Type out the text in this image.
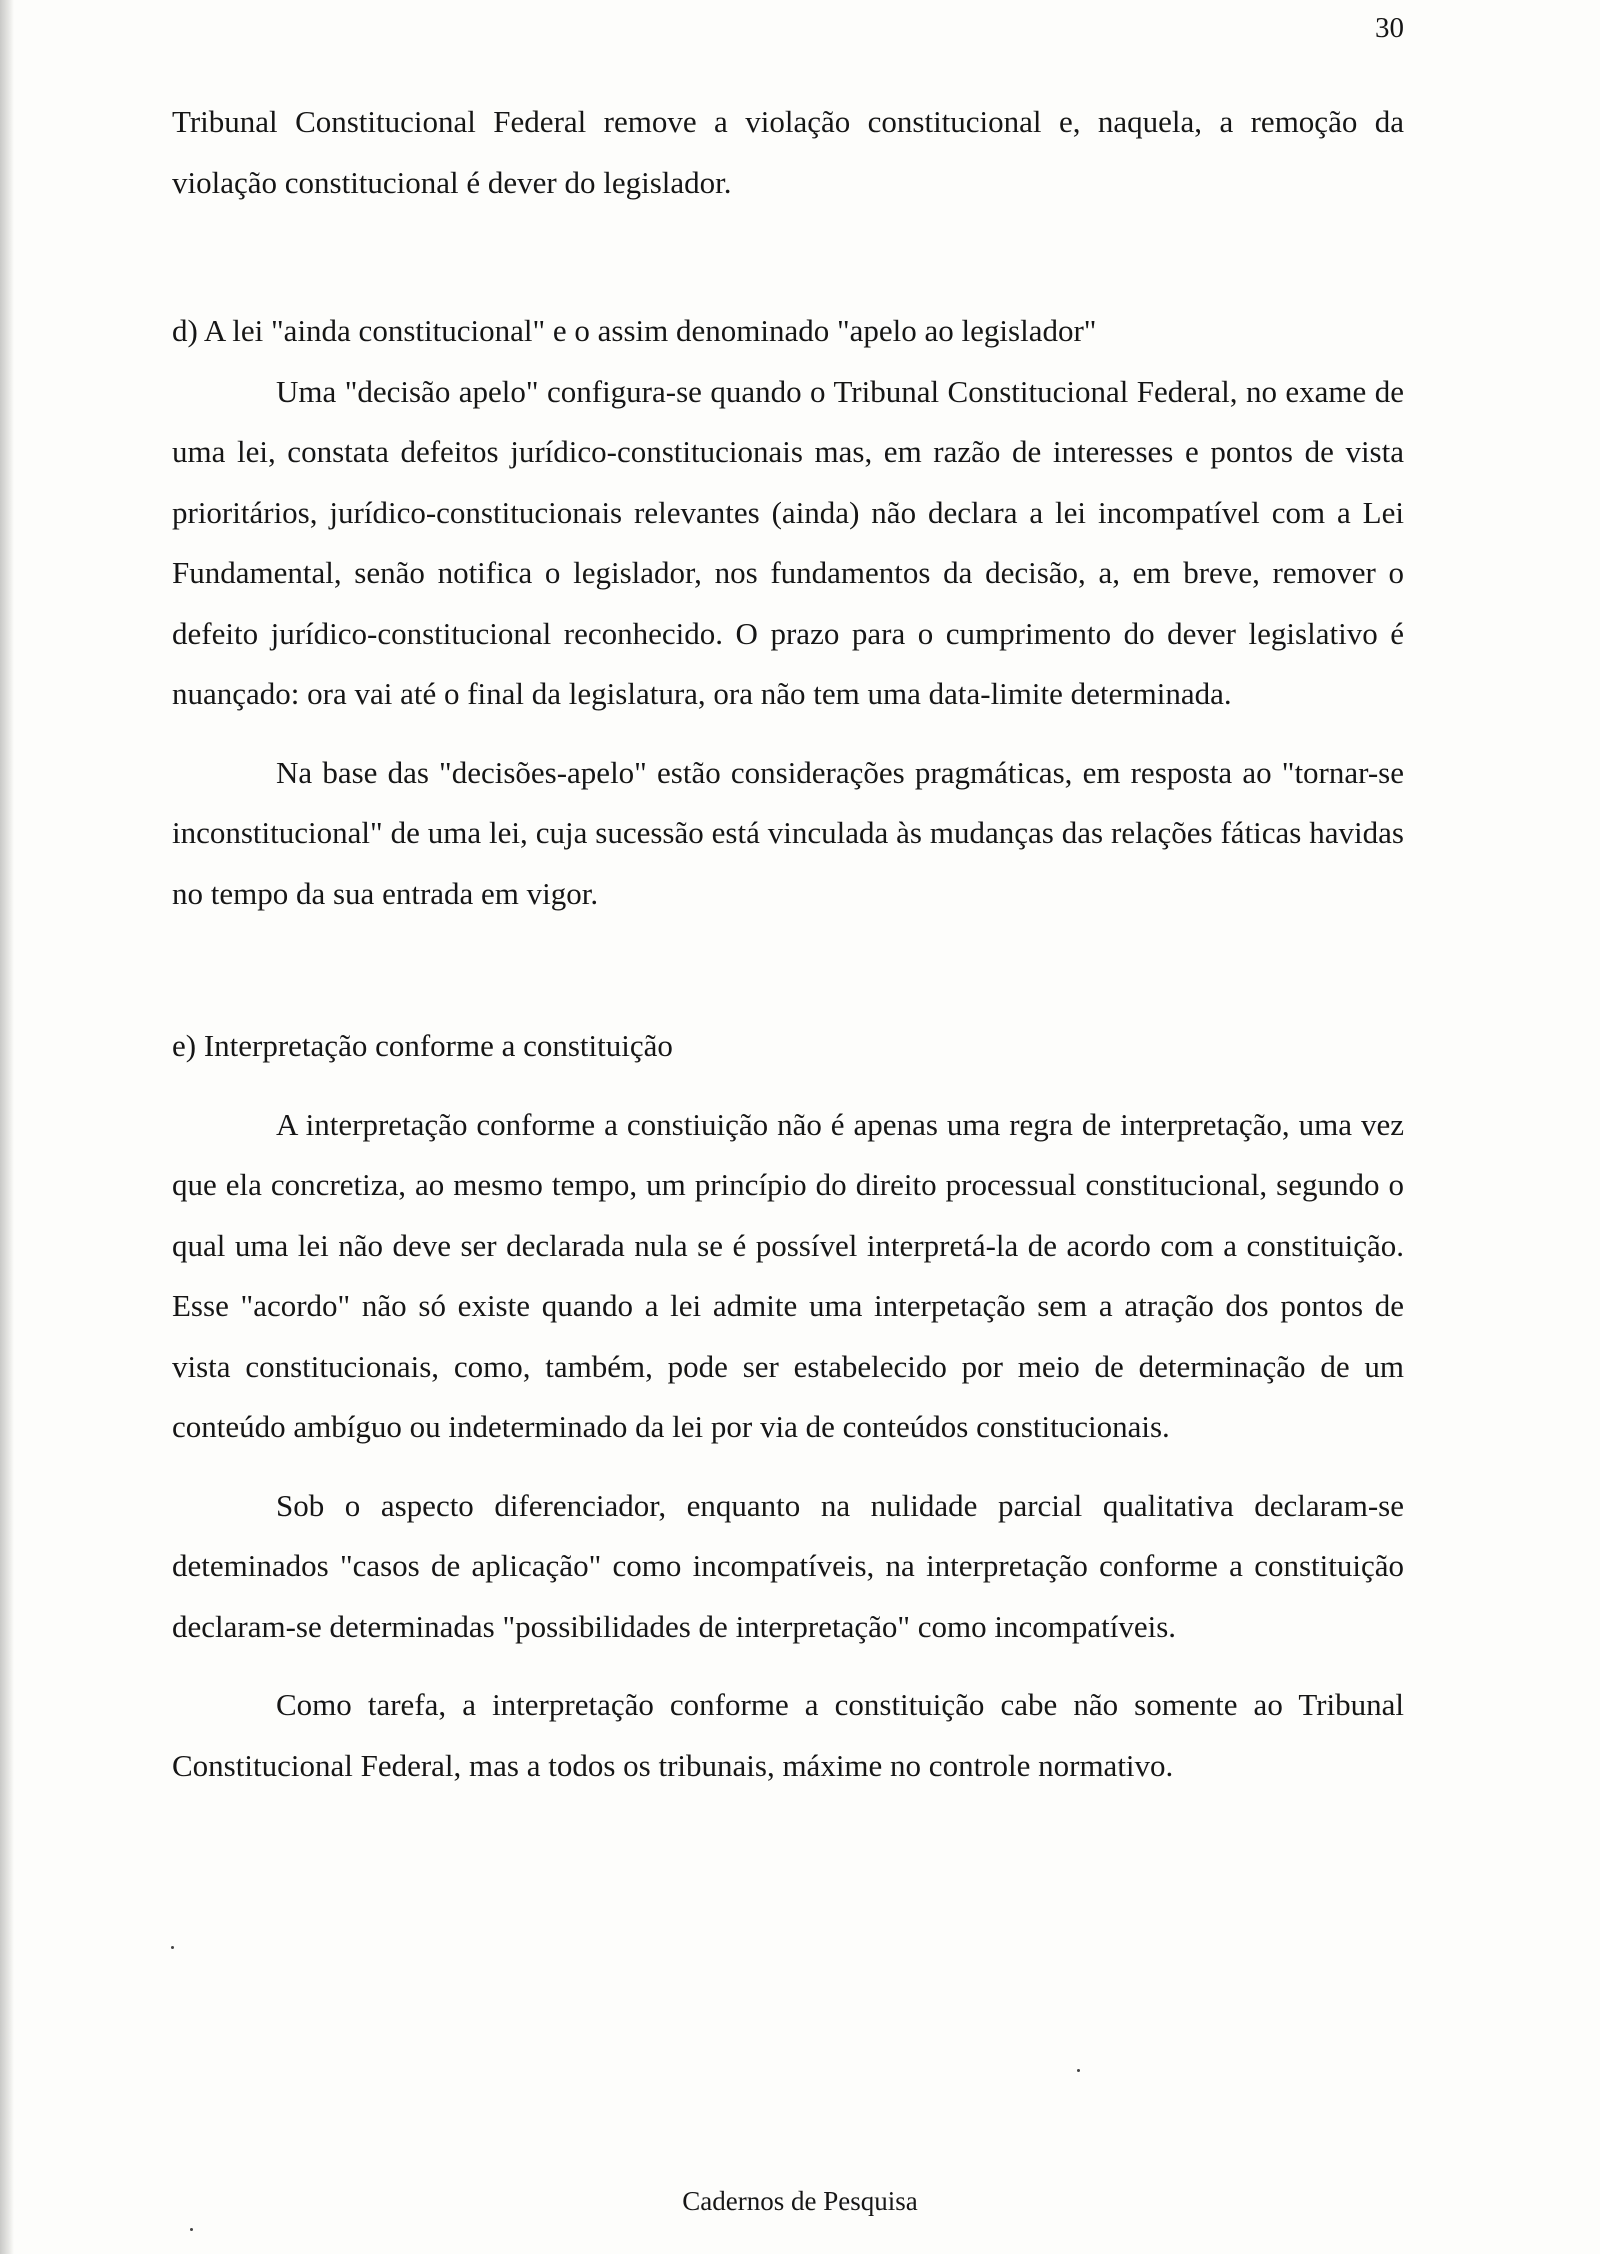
30

Tribunal Constitucional Federal remove a violação constitucional e, naquela, a remoção da violação constitucional é dever do legislador.

d) A lei "ainda constitucional" e o assim denominado "apelo ao legislador"

Uma "decisão apelo" configura-se quando o Tribunal Constitucional Federal, no exame de uma lei, constata defeitos jurídico-constitucionais mas, em razão de interesses e pontos de vista prioritários, jurídico-constitucionais relevantes (ainda) não declara a lei incompatível com a Lei Fundamental, senão notifica o legislador, nos fundamentos da decisão, a, em breve, remover o defeito jurídico-constitucional reconhecido. O prazo para o cumprimento do dever legislativo é nuançado: ora vai até o final da legislatura, ora não tem uma data-limite determinada.

Na base das "decisões-apelo" estão considerações pragmáticas, em resposta ao "tornar-se inconstitucional" de uma lei, cuja sucessão está vinculada às mudanças das relações fáticas havidas no tempo da sua entrada em vigor.

e) Interpretação conforme a constituição

A interpretação conforme a constiuição não é apenas uma regra de interpretação, uma vez que ela concretiza, ao mesmo tempo, um princípio do direito processual constitucional, segundo o qual uma lei não deve ser declarada nula se é possível interpretá-la de acordo com a constituição. Esse "acordo" não só existe quando a lei admite uma interpetação sem a atração dos pontos de vista constitucionais, como, também, pode ser estabelecido por meio de determinação de um conteúdo ambíguo ou indeterminado da lei por via de conteúdos constitucionais.

Sob o aspecto diferenciador, enquanto na nulidade parcial qualitativa declaram-se deteminados "casos de aplicação" como incompatíveis, na interpretação conforme a constituição declaram-se determinadas "possibilidades de interpretação" como incompatíveis.

Como tarefa, a interpretação conforme a constituição cabe não somente ao Tribunal Constitucional Federal, mas a todos os tribunais, máxime no controle normativo.

Cadernos de Pesquisa
